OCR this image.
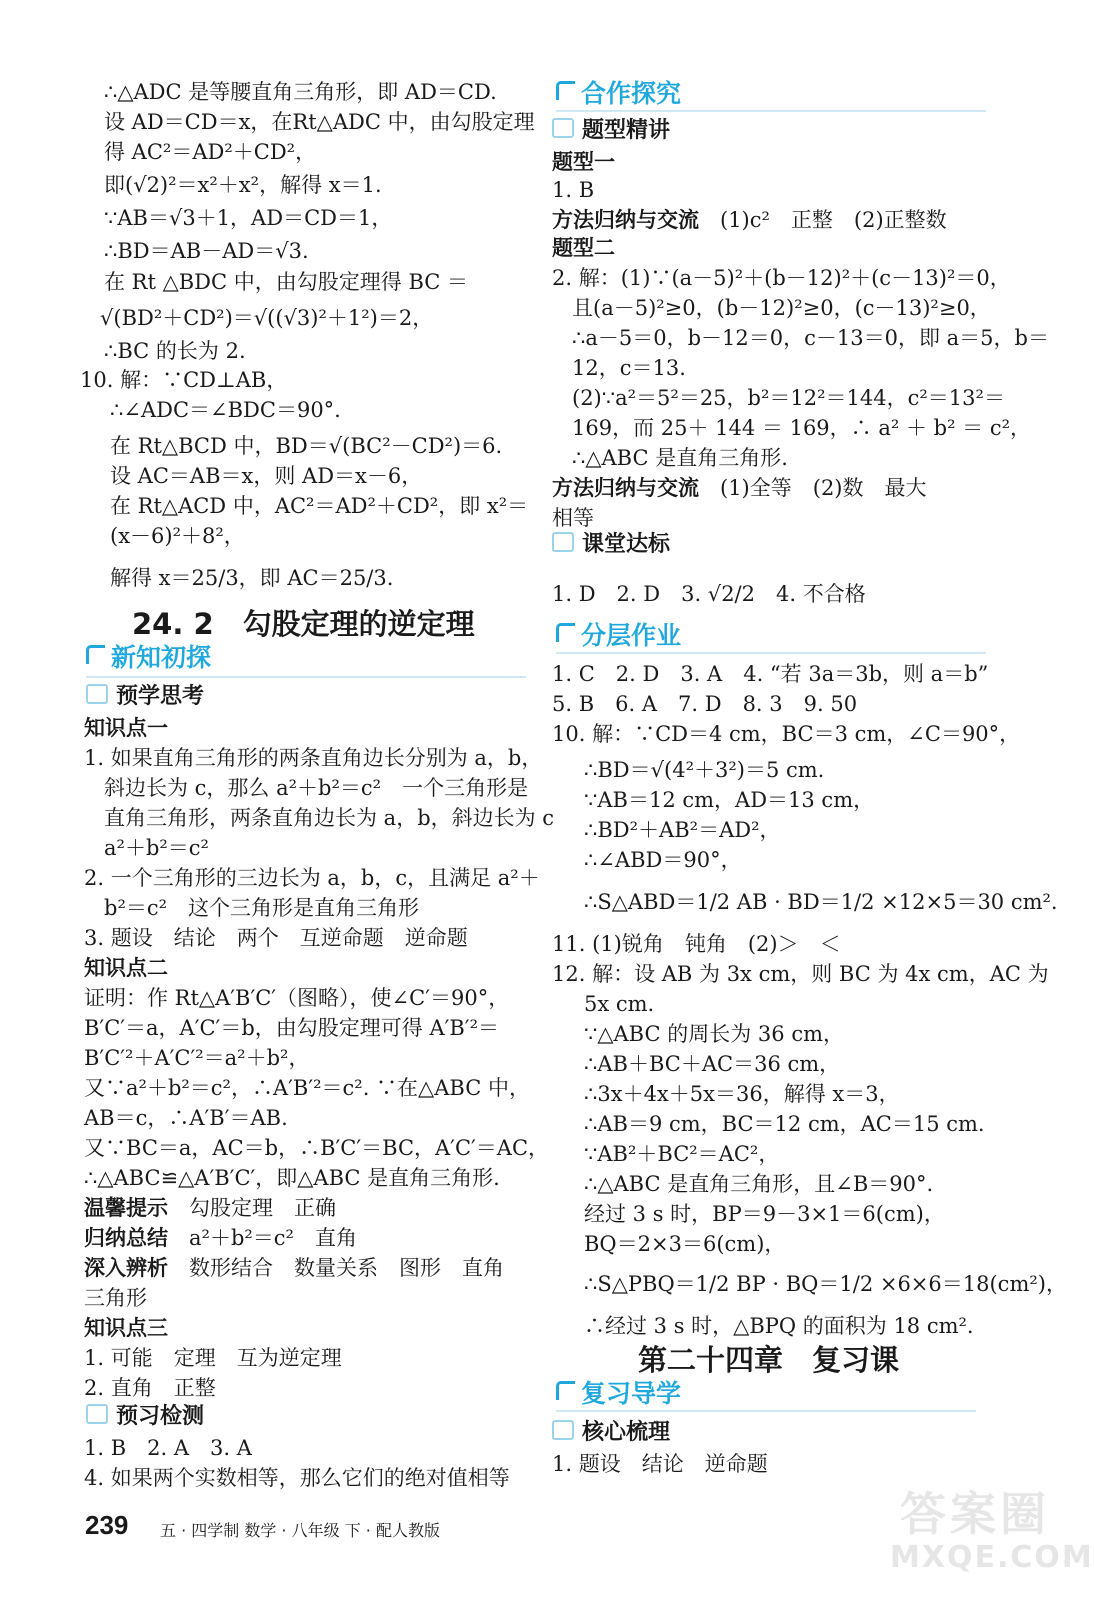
∴△ADC 是等腰直角三角形，即 AD＝CD.
设 AD＝CD＝x，在Rt△ADC 中，由勾股定理
得 AC²＝AD²＋CD²，
即(√2)²＝x²＋x²，解得 x＝1.
∵AB＝√3＋1，AD＝CD＝1，
∴BD＝AB－AD＝√3.
在 Rt △BDC 中，由勾股定理得 BC ＝
√(BD²＋CD²)＝√((√3)²＋1²)＝2，
∴BC 的长为 2.
10. 解：∵CD⊥AB，
∴∠ADC＝∠BDC＝90°.
在 Rt△BCD 中，BD＝√(BC²－CD²)＝6.
设 AC＝AB＝x，则 AD＝x－6，
在 Rt△ACD 中，AC²＝AD²＋CD²，即 x²＝
(x－6)²＋8²，
解得 x＝25/3，即 AC＝25/3.
24. 2　勾股定理的逆定理
新知初探
预学思考
知识点一
1. 如果直角三角形的两条直角边长分别为 a，b，
斜边长为 c，那么 a²＋b²＝c²　一个三角形是
直角三角形，两条直角边长为 a，b，斜边长为 c
a²＋b²＝c²
2. 一个三角形的三边长为 a，b，c，且满足 a²＋
b²＝c²　这个三角形是直角三角形
3. 题设　结论　两个　互逆命题　逆命题
知识点二
证明：作 Rt△A′B′C′（图略），使∠C′＝90°，
B′C′＝a，A′C′＝b，由勾股定理可得 A′B′²＝
B′C′²＋A′C′²＝a²＋b²，
又∵a²＋b²＝c²，∴A′B′²＝c². ∵在△ABC 中，
AB＝c，∴A′B′＝AB.
又∵BC＝a，AC＝b，∴B′C′＝BC，A′C′＝AC，
∴△ABC≌△A′B′C′，即△ABC 是直角三角形.
温馨提示　 勾股定理　正确
归纳总结　 a²＋b²＝c²　直角
深入辨析　 数形结合　数量关系　图形　直角
三角形
知识点三
1. 可能　定理　互为逆定理
2. 直角　正整
预习检测
1. B　2. A　3. A
4. 如果两个实数相等，那么它们的绝对值相等
合作探究
题型精讲
题型一
1. B
方法归纳与交流　 (1)c²　正整　(2)正整数
题型二
2. 解：(1)∵(a－5)²＋(b－12)²＋(c－13)²＝0，
且(a－5)²≥0，(b－12)²≥0，(c－13)²≥0，
∴a－5＝0，b－12＝0，c－13＝0，即 a＝5，b＝
12，c＝13.
(2)∵a²＝5²＝25，b²＝12²＝144，c²＝13²＝
169，而 25＋ 144 ＝ 169，∴ a² ＋ b² ＝ c²，
∴△ABC 是直角三角形.
方法归纳与交流　 (1)全等　(2)数　最大
相等
课堂达标
1. D　2. D　3. √2/2　4. 不合格
分层作业
1. C　2. D　3. A　4. “若 3a＝3b，则 a＝b”
5. B　6. A　7. D　8. 3　9. 50
10. 解：∵CD＝4 cm，BC＝3 cm，∠C＝90°，
∴BD＝√(4²＋3²)＝5 cm.
∵AB＝12 cm，AD＝13 cm，
∴BD²＋AB²＝AD²，
∴∠ABD＝90°，
∴S△ABD＝1/2 AB · BD＝1/2 ×12×5＝30 cm².
11. (1)锐角　钝角　(2)＞　＜
12. 解：设 AB 为 3x cm，则 BC 为 4x cm，AC 为
5x cm.
∵△ABC 的周长为 36 cm，
∴AB＋BC＋AC＝36 cm，
∴3x＋4x＋5x＝36，解得 x＝3，
∴AB＝9 cm，BC＝12 cm，AC＝15 cm.
∵AB²＋BC²＝AC²，
∴△ABC 是直角三角形，且∠B＝90°.
经过 3 s 时，BP＝9－3×1＝6(cm)，
BQ＝2×3＝6(cm)，
∴S△PBQ＝1/2 BP · BQ＝1/2 ×6×6＝18(cm²)，
∴经过 3 s 时，△BPQ 的面积为 18 cm².
第二十四章　复习课
复习导学
核心梳理
1. 题设　结论　逆命题
239 五 · 四学制 数学 · 八年级 下 · 配人教版	答案圈
MXQE.COM
